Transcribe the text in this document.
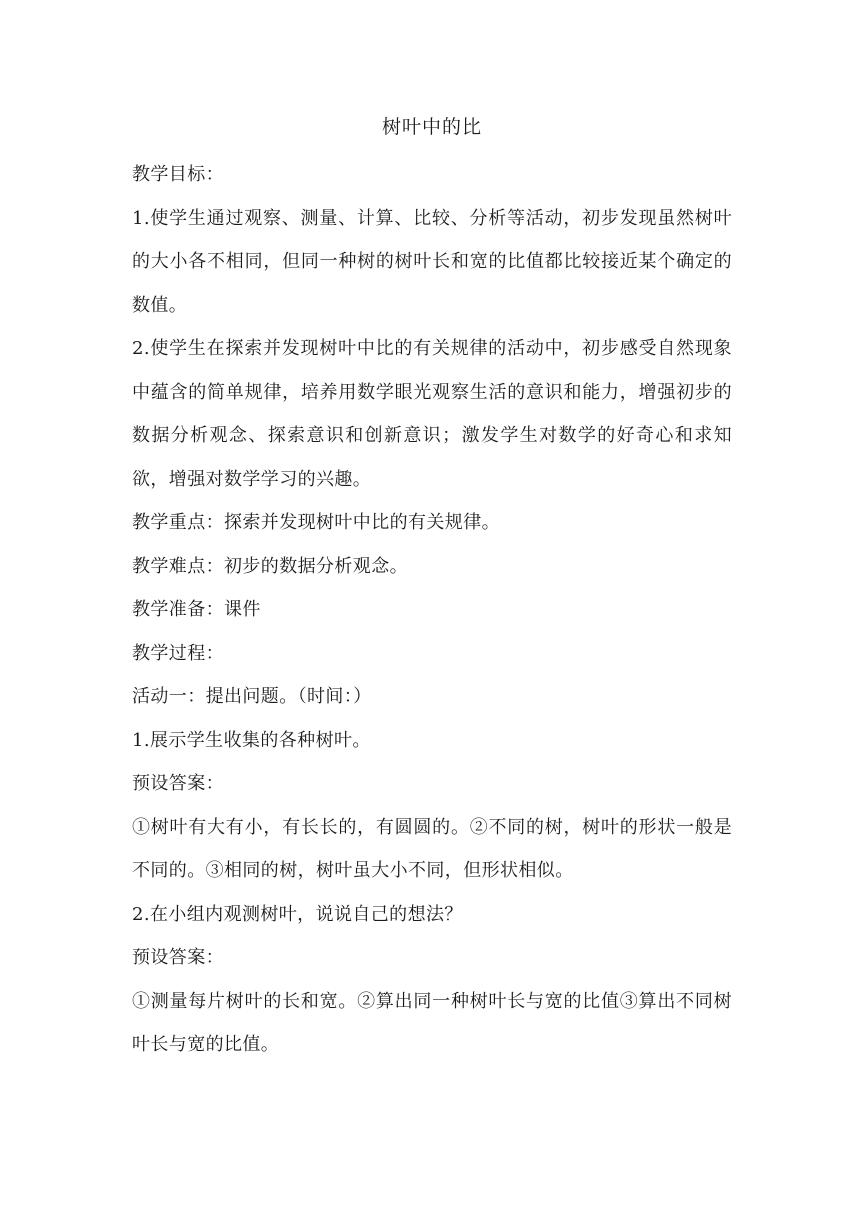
树叶中的比

教学目标：

1.使学生通过观察、测量、计算、比较、分析等活动，初步发现虽然树叶的大小各不相同，但同一种树的树叶长和宽的比值都比较接近某个确定的数值。

2.使学生在探索并发现树叶中比的有关规律的活动中，初步感受自然现象中蕴含的简单规律，培养用数学眼光观察生活的意识和能力，增强初步的数据分析观念、探索意识和创新意识；激发学生对数学的好奇心和求知欲，增强对数学学习的兴趣。

教学重点：探索并发现树叶中比的有关规律。

教学难点：初步的数据分析观念。

教学准备：课件

教学过程：

活动一：提出问题。（时间：）

1.展示学生收集的各种树叶。

预设答案：

①树叶有大有小，有长长的，有圆圆的。②不同的树，树叶的形状一般是不同的。③相同的树，树叶虽大小不同，但形状相似。

2.在小组内观测树叶，说说自己的想法？

预设答案：

①测量每片树叶的长和宽。②算出同一种树叶长与宽的比值③算出不同树叶长与宽的比值。
